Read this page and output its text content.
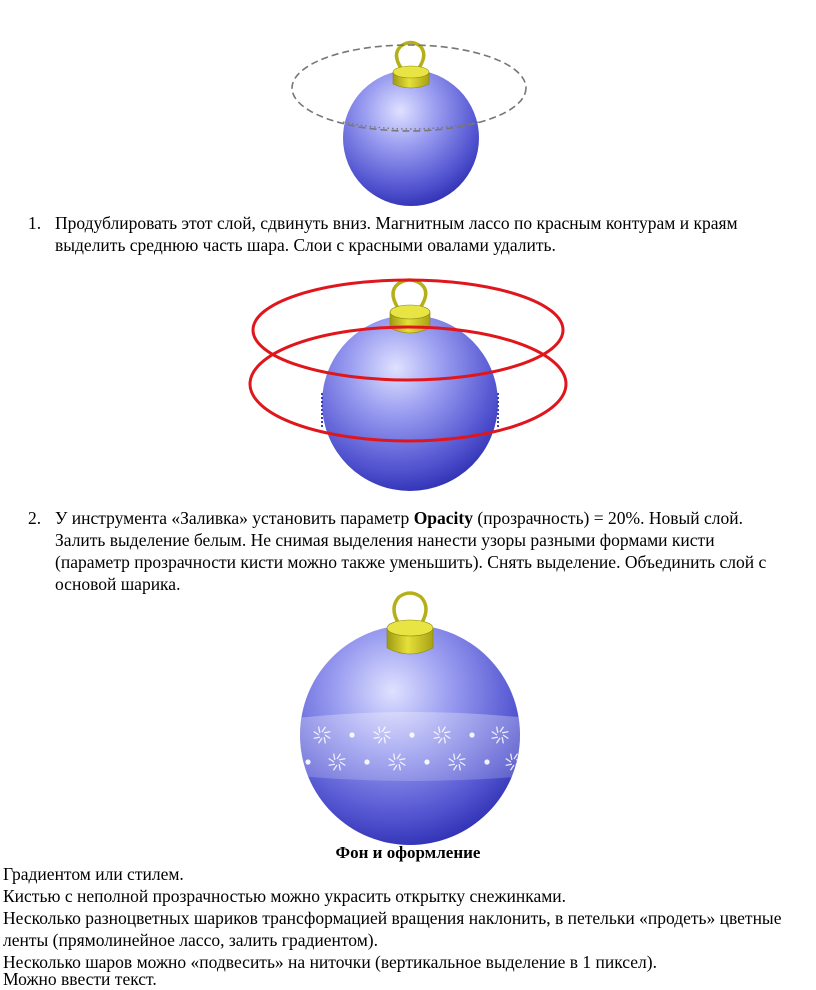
1. Продублировать этот слой, сдвинуть вниз. Магнитным лассо по красным контурам и краям
выделить среднюю часть шара. Слои с красными овалами удалить.
2. У инструмента «Заливка» установить параметр Opacity (прозрачность) = 20%. Новый слой.
Залить выделение белым. Не снимая выделения нанести узоры разными формами кисти
(параметр прозрачности кисти можно также уменьшить). Снять выделение. Объединить слой с
основой шарика.
Фон и оформление
Градиентом или стилем.
Кистью с неполной прозрачностью можно украсить открытку снежинками.
Несколько разноцветных шариков трансформацией вращения наклонить, в петельки «продеть» цветные
ленты (прямолинейное лассо, залить градиентом).
Несколько шаров можно «подвесить» на ниточки (вертикальное выделение в 1 пиксел).
Можно ввести текст.
